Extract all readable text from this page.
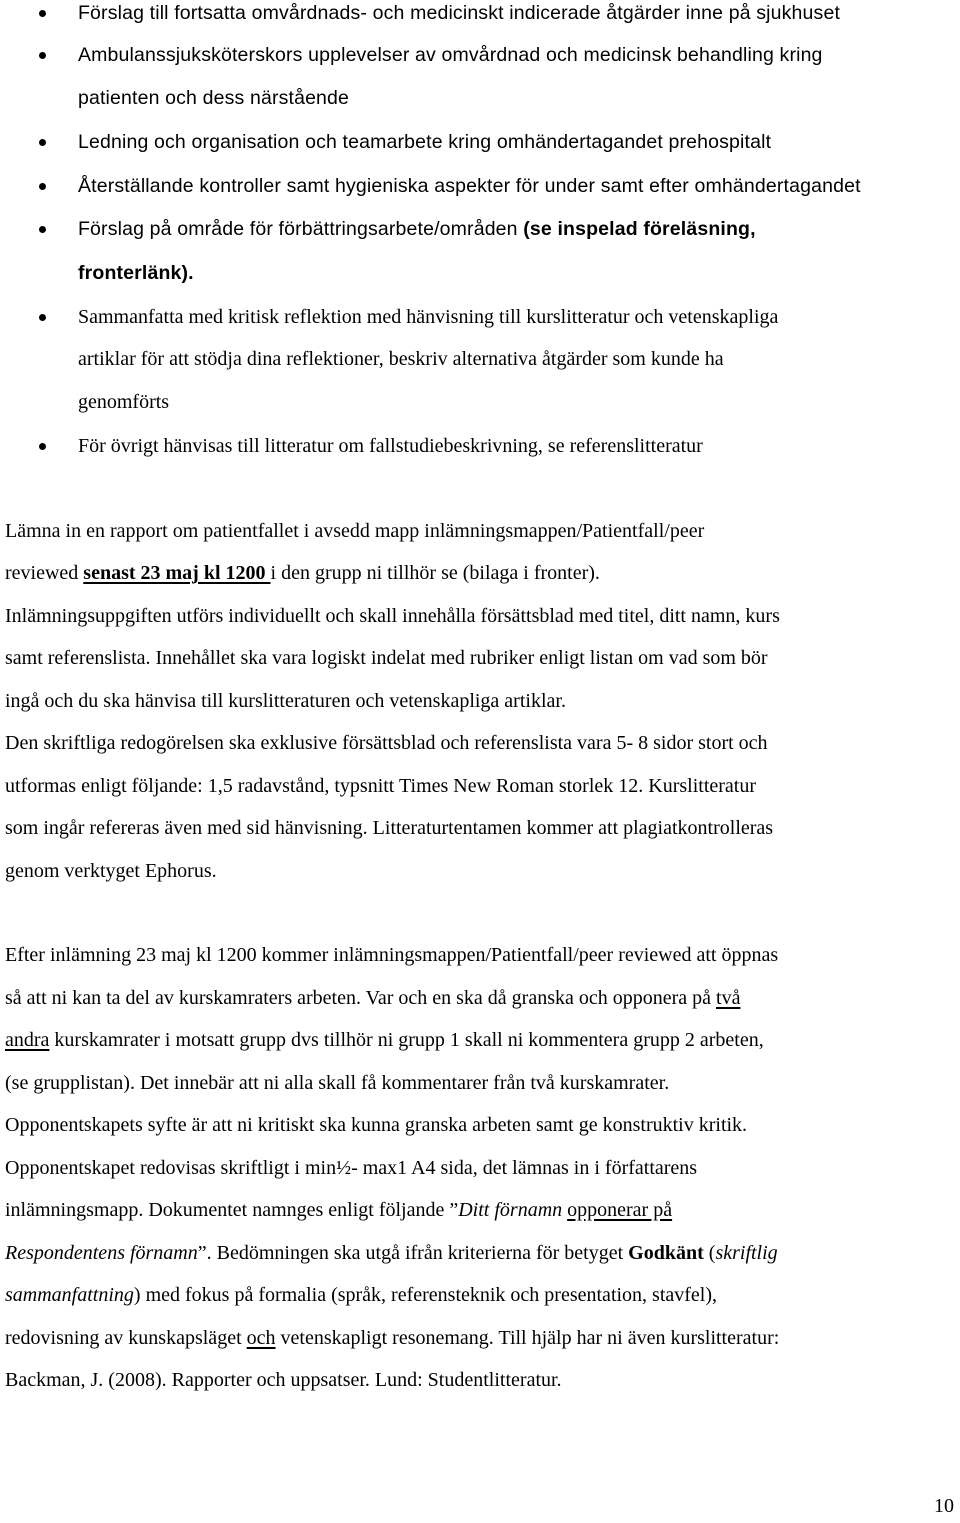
Förslag till fortsatta omvårdnads- och medicinskt indicerade åtgärder inne på sjukhuset
Ambulanssjuksköterskors upplevelser av omvårdnad och medicinsk behandling kring
patienten och dess närstående
Ledning och organisation och teamarbete kring omhändertagandet prehospitalt
Återställande kontroller samt hygieniska aspekter för under samt efter omhändertagandet
Förslag på område för förbättringsarbete/områden (se inspelad föreläsning,
fronterlänk).
Sammanfatta med kritisk reflektion med hänvisning till kurslitteratur och vetenskapliga
artiklar för att stödja dina reflektioner, beskriv alternativa åtgärder som kunde ha
genomförts
För övrigt hänvisas till litteratur om fallstudiebeskrivning, se referenslitteratur
Lämna in en rapport om patientfallet i avsedd mapp inlämningsmappen/Patientfall/peer
reviewed senast 23 maj kl 1200 i den grupp ni tillhör se (bilaga i fronter).
Inlämningsuppgiften utförs individuellt och skall innehålla försättsblad med titel, ditt namn, kurs
samt referenslista. Innehållet ska vara logiskt indelat med rubriker enligt listan om vad som bör
ingå och du ska hänvisa till kurslitteraturen och vetenskapliga artiklar.
Den skriftliga redogörelsen ska exklusive försättsblad och referenslista vara 5- 8 sidor stort och
utformas enligt följande: 1,5 radavstånd, typsnitt Times New Roman storlek 12. Kurslitteratur
som ingår refereras även med sid hänvisning. Litteraturtentamen kommer att plagiatkontrolleras
genom verktyget Ephorus.
Efter inlämning 23 maj kl 1200 kommer inlämningsmappen/Patientfall/peer reviewed att öppnas
så att ni kan ta del av kurskamraters arbeten. Var och en ska då granska och opponera på två
andra kurskamrater i motsatt grupp dvs tillhör ni grupp 1 skall ni kommentera grupp 2 arbeten,
(se grupplistan). Det innebär att ni alla skall få kommentarer från två kurskamrater.
Opponentskapets syfte är att ni kritiskt ska kunna granska arbeten samt ge konstruktiv kritik.
Opponentskapet redovisas skriftligt i min½- max1 A4 sida, det lämnas in i författarens
inlämningsmapp. Dokumentet namnges enligt följande ”Ditt förnamn opponerar på
Respondentens förnamn”. Bedömningen ska utgå ifrån kriterierna för betyget Godkänt (skriftlig
sammanfattning) med fokus på formalia (språk, referensteknik och presentation, stavfel),
redovisning av kunskapsläget och vetenskapligt resonemang. Till hjälp har ni även kurslitteratur:
Backman, J. (2008). Rapporter och uppsatser. Lund: Studentlitteratur.
10
